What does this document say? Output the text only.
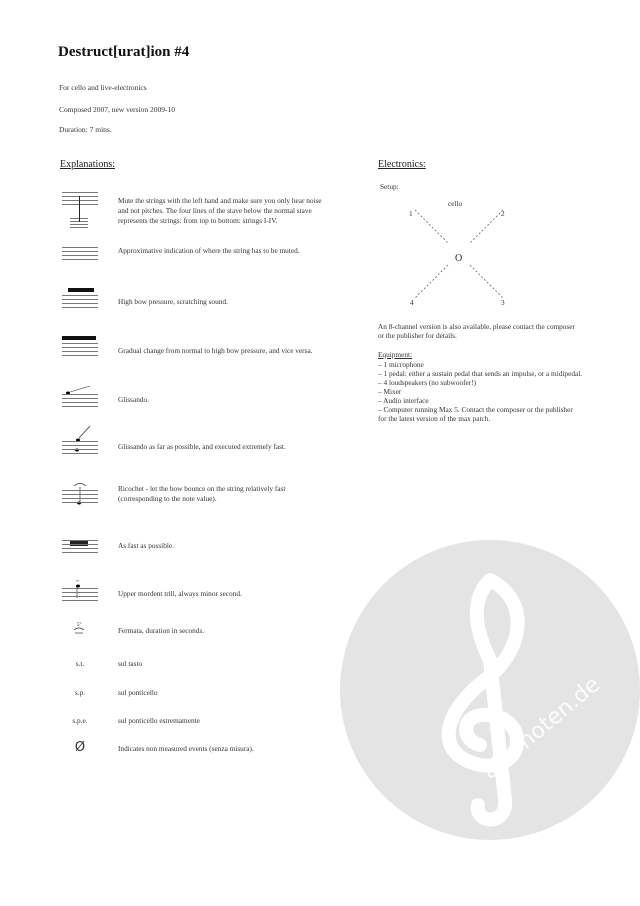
alle-noten.de
Destruct[urat]ion #4
For cello and live-electronics
Composed 2007, new version 2009-10
Duration: 7 mins.
Explanations:
~
5"
Mute the strings with the left hand and make sure you only hear noise
and not pitches. The four lines of the stave below the normal stave
represents the strings: from top to bottom: strings I-IV.
Approximative indication of where the string has to be muted.
High bow pressure, scratching sound.
Gradual change from normal to high bow pressure, and vice versa.
Glissando.
Glissando as far as possible, and executed extremely fast.
Ricochet - let the bow bounce on the string relatively fast
(corresponding to the note value).
As fast as possible.
Upper mordent trill, always minor second.
Fermata, duration in seconds.
s.t.	sul tasto
s.p.	sul ponticello
s.p.e.	sul ponticello estremamente
Ø	Indicates non measured events (senza misura).
Electronics:
Setup:
cello
O
1	2
3
4
An 8-channel version is also available, please contact the composer
or the publisher for details.
Equipment:
– 1 microphone
– 1 pedal: either a sustain pedal that sends an impulse, or a midipedal.
– 4 loudspeakers (no subwoofer!)
– Mixer
– Audio interface
– Computer running Max 5. Contact the composer or the publisher
for the latest version of the max patch.
